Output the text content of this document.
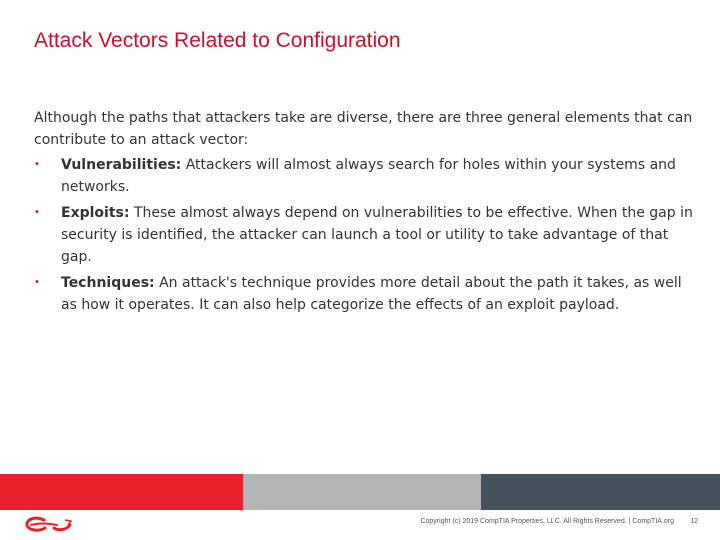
Attack Vectors Related to Configuration

Although the paths that attackers take are diverse, there are three general elements that can contribute to an attack vector:

• Vulnerabilities: Attackers will almost always search for holes within your systems and networks.
• Exploits: These almost always depend on vulnerabilities to be effective. When the gap in security is identified, the attacker can launch a tool or utility to take advantage of that gap.
• Techniques: An attack's technique provides more detail about the path it takes, as well as how it operates. It can also help categorize the effects of an exploit payload.
Copyright (c) 2019 CompTIA Properties, LLC. All Rights Reserved. | CompTIA.org 12
